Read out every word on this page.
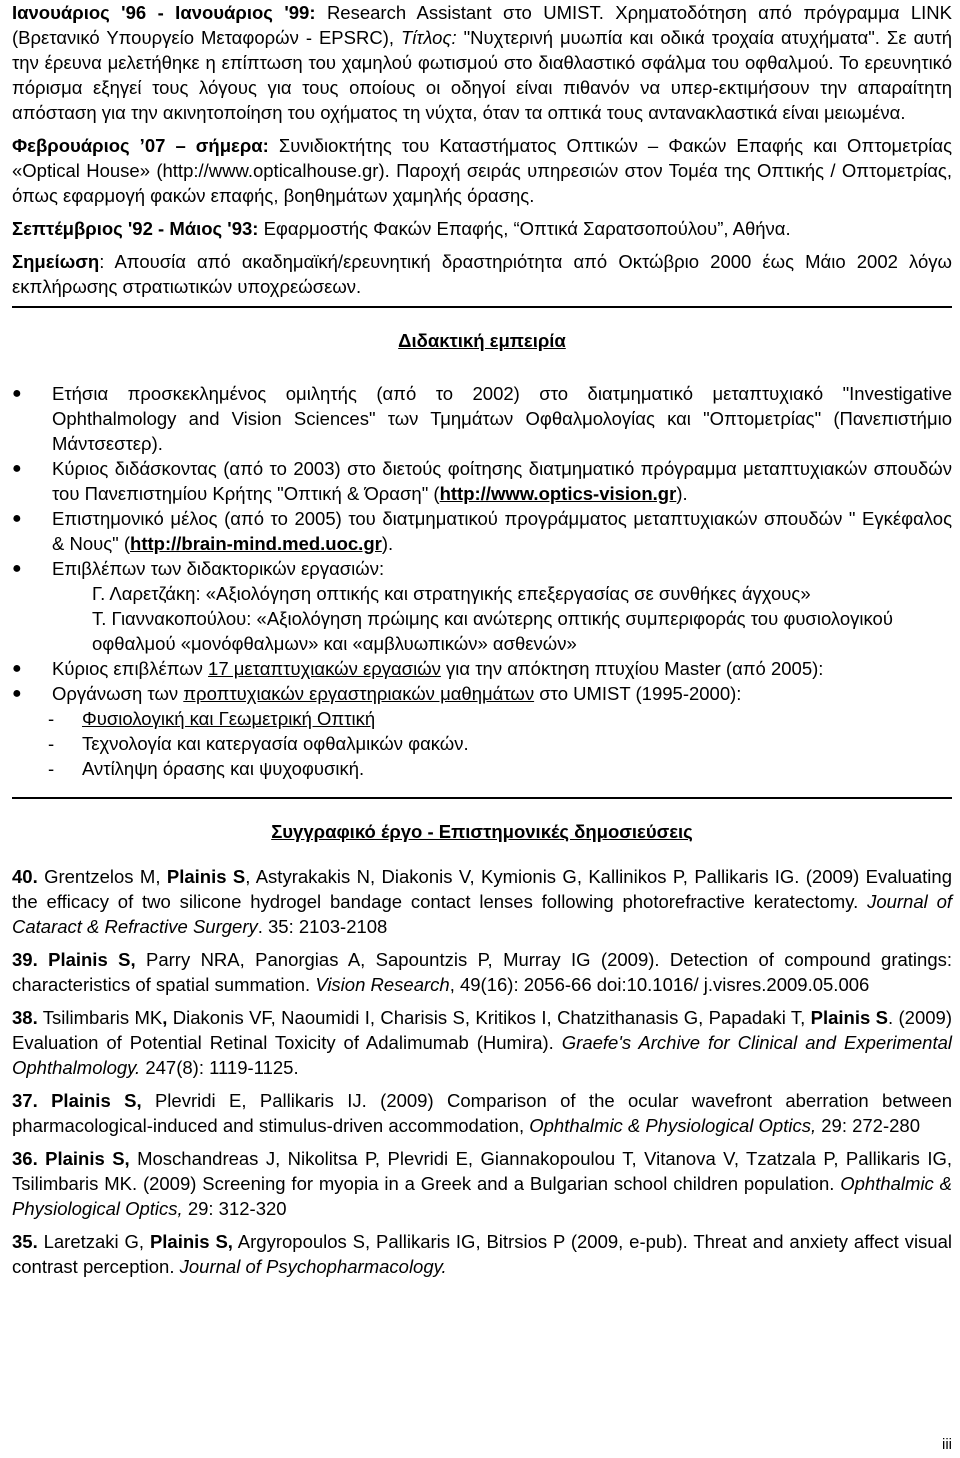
Ιανουάριος '96 - Ιανουάριος '99: Research Assistant στο UMIST. Χρηματοδότηση από πρόγραμμα LINK (Βρετανικό Υπουργείο Μεταφορών - EPSRC), Τίτλος: "Νυχτερινή μυωπία και οδικά τροχαία ατυχήματα". Σε αυτή την έρευνα μελετήθηκε η επίπτωση του χαμηλού φωτισμού στο διαθλαστικό σφάλμα του οφθαλμού. Το ερευνητικό πόρισμα εξηγεί τους λόγους για τους οποίους οι οδηγοί είναι πιθανόν να υπερ-εκτιμήσουν την απαραίτητη απόσταση για την ακινητοποίηση του οχήματος τη νύχτα, όταν τα οπτικά τους αντανακλαστικά είναι μειωμένα.

Φεβρουάριος ’07 – σήμερα: Συνιδιοκτήτης του Καταστήματος Οπτικών – Φακών Επαφής και Οπτομετρίας «Optical House» (http://www.opticalhouse.gr). Παροχή σειράς υπηρεσιών στον Τομέα της Οπτικής / Οπτομετρίας, όπως εφαρμογή φακών επαφής, βοηθημάτων χαμηλής όρασης.

Σεπτέμβριος '92 - Μάιος '93: Εφαρμοστής Φακών Επαφής, “Οπτικά Σαρατσοπούλου”, Αθήνα.

Σημείωση: Απουσία από ακαδημαϊκή/ερευνητική δραστηριότητα από Οκτώβριο 2000 έως Μάιο 2002 λόγω εκπλήρωσης στρατιωτικών υποχρεώσεων.

Διδακτική εμπειρία
●	Ετήσια προσκεκλημένος ομιλητής (από το 2002) στο διατμηματικό μεταπτυχιακό "Investigative Ophthalmology and Vision Sciences" των Τμημάτων Οφθαλμολογίας και "Οπτομετρίας" (Πανεπιστήμιο Μάντσεστερ).
●	Κύριος διδάσκοντας (από το 2003) στο διετούς φοίτησης διατμηματικό πρόγραμμα μεταπτυχιακών σπουδών του Πανεπιστημίου Κρήτης "Οπτική & Όραση" (http://www.optics-vision.gr).
●	Επιστημονικό μέλος (από το 2005) του διατμηματικού προγράμματος μεταπτυχιακών σπουδών " Εγκέφαλος & Νους" (http://brain-mind.med.uoc.gr).
●	Επιβλέπων των διδακτορικών εργασιών:
Γ. Λαρετζάκη: «Αξιολόγηση οπτικής και στρατηγικής επεξεργασίας σε συνθήκες άγχους»
Τ. Γιαννακοπούλου: «Αξιολόγηση πρώιμης και ανώτερης οπτικής συμπεριφοράς του φυσιολογικού οφθαλμού «μονόφθαλμων» και «αμβλυωπικών» ασθενών»
●	Κύριος επιβλέπων 17 μεταπτυχιακών εργασιών για την απόκτηση πτυχίου Master (από 2005):
●	Οργάνωση των προπτυχιακών εργαστηριακών μαθημάτων στο UMIST (1995-2000):
-	Φυσιολογική και Γεωμετρική Οπτική
-	Τεχνολογία και κατεργασία οφθαλμικών φακών.
-	Αντίληψη όρασης και ψυχοφυσική.
Συγγραφικό έργο - Επιστημονικές δημοσιεύσεις

40. Grentzelos M, Plainis S, Astyrakakis N, Diakonis V, Kymionis G, Kallinikos P, Pallikaris IG. (2009) Evaluating the efficacy of two silicone hydrogel bandage contact lenses following photorefractive keratectomy. Journal of Cataract & Refractive Surgery. 35: 2103-2108

39. Plainis S, Parry NRA, Panorgias A, Sapountzis P, Murray IG (2009). Detection of compound gratings: characteristics of spatial summation. Vision Research, 49(16): 2056-66 doi:10.1016/ j.visres.2009.05.006

38. Tsilimbaris MK, Diakonis VF, Naoumidi I, Charisis S, Kritikos I, Chatzithanasis G, Papadaki T, Plainis S. (2009) Evaluation of Potential Retinal Toxicity of Adalimumab (Humira). Graefe's Archive for Clinical and Experimental Ophthalmology. 247(8): 1119-1125.

37. Plainis S, Plevridi E, Pallikaris IJ. (2009) Comparison of the ocular wavefront aberration between pharmacological-induced and stimulus-driven accommodation, Ophthalmic & Physiological Optics, 29: 272-280

36. Plainis S, Moschandreas J, Nikolitsa P, Plevridi E, Giannakopoulou T, Vitanova V, Tzatzala P, Pallikaris IG, Tsilimbaris MK. (2009) Screening for myopia in a Greek and a Bulgarian school children population. Ophthalmic & Physiological Optics, 29: 312-320

35. Laretzaki G, Plainis S, Argyropoulos S, Pallikaris IG, Bitrsios P (2009, e-pub). Threat and anxiety affect visual contrast perception. Journal of Psychopharmacology.

iii
